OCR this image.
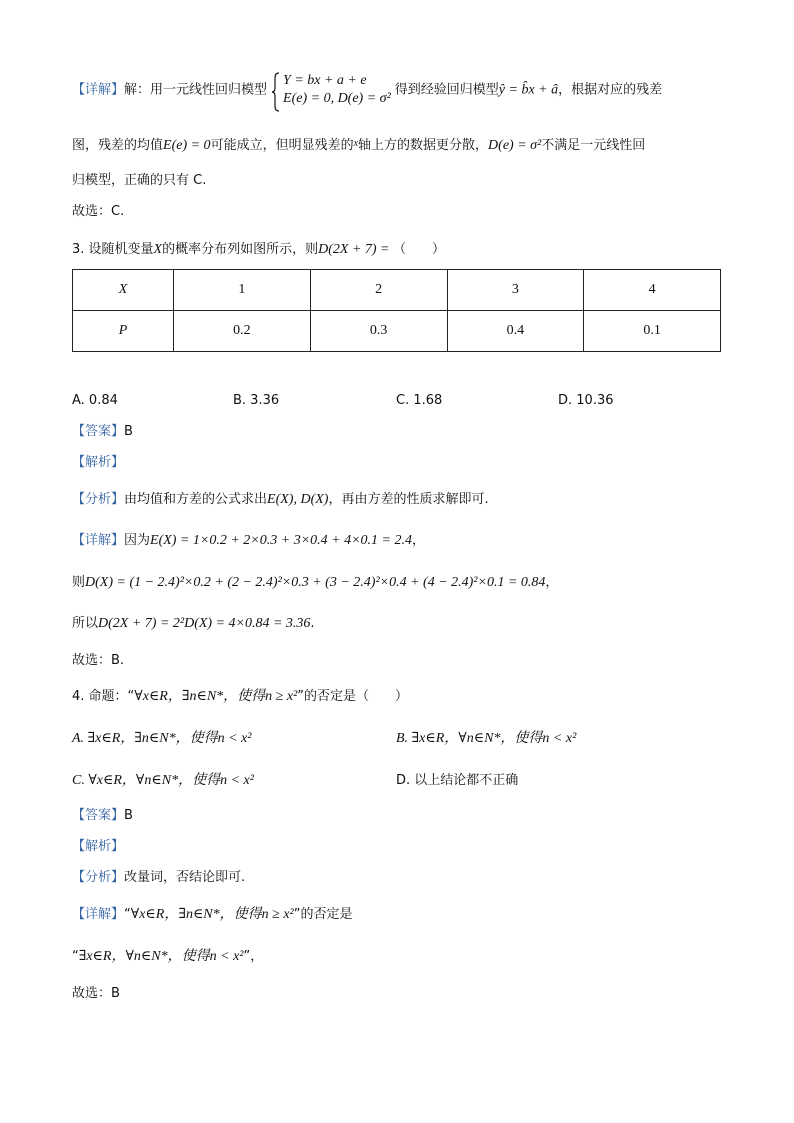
【详解】解：用一元线性回归模型
Y = bx + a + e
E(e) = 0, D(e) = σ²
得到经验回归模型ŷ = b̂x + â，根据对应的残差
图，残差的均值E(e) = 0可能成立，但明显残差的$^x$轴上方的数据更分散，D(e) = σ²不满足一元线性回
归模型，正确的只有 C.
故选：C.
3. 设随机变量X的概率分布列如图所示，则D(2X + 7) = （　　）
X	1	2	3	4
P	0.2	0.3	0.4	0.1
A. 0.84	B. 3.36	C. 1.68	D. 10.36
【答案】B
【解析】
【分析】由均值和方差的公式求出E(X), D(X)，再由方差的性质求解即可.
【详解】因为E(X) = 1×0.2 + 2×0.3 + 3×0.4 + 4×0.1 = 2.4，
则D(X) = (1 − 2.4)²×0.2 + (2 − 2.4)²×0.3 + (3 − 2.4)²×0.4 + (4 − 2.4)²×0.1 = 0.84，
所以D(2X + 7) = 2²D(X) = 4×0.84 = 3.36.
故选：B.
4. 命题：“∀x∈R，∃n∈N*，使得n ≥ x²”的否定是（　　）
A. ∃x∈R，∃n∈N*，使得n < x²	B. ∃x∈R，∀n∈N*，使得n < x²
C. ∀x∈R，∀n∈N*，使得n < x²	D. 以上结论都不正确
【答案】B
【解析】
【分析】改量词，否结论即可.
【详解】“∀x∈R，∃n∈N*，使得n ≥ x²”的否定是
“∃x∈R，∀n∈N*，使得n < x²”，
故选：B
